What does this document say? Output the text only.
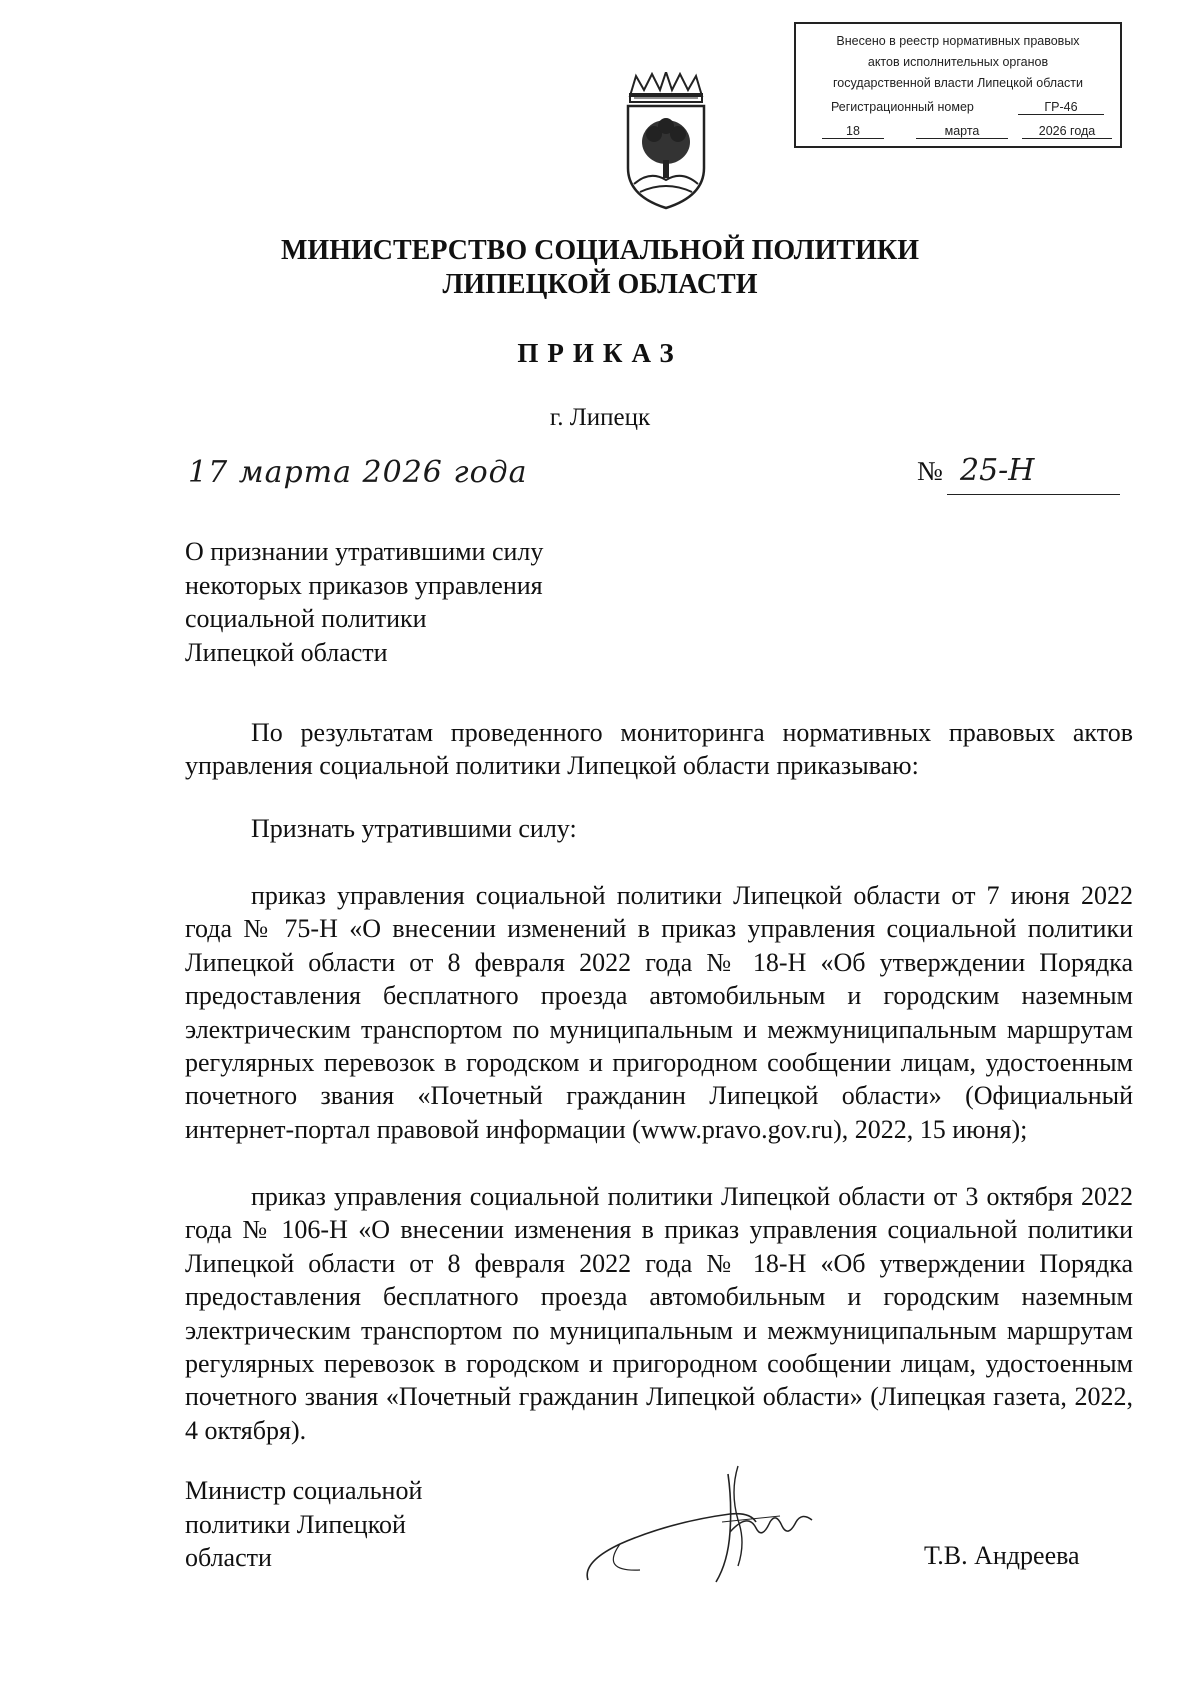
Внесено в реестр нормативных правовых
актов исполнительных органов
государственной власти Липецкой области
Регистрационный номер	ГР-46
18	марта	2026 года
МИНИСТЕРСТВО СОЦИАЛЬНОЙ ПОЛИТИКИ
ЛИПЕЦКОЙ ОБЛАСТИ
ПРИКАЗ
г. Липецк
17 марта 2026 года	№ 25-Н
О признании утратившими силу
некоторых приказов управления
социальной политики
Липецкой области
По результатам проведенного мониторинга нормативных правовых актов управления социальной политики Липецкой области приказываю:
Признать утратившими силу:
приказ управления социальной политики Липецкой области от 7 июня 2022 года № 75-Н «О внесении изменений в приказ управления социальной политики Липецкой области от 8 февраля 2022 года № 18-Н «Об утверждении Порядка предоставления бесплатного проезда автомобильным и городским наземным электрическим транспортом по муниципальным и межмуниципальным маршрутам регулярных перевозок в городском и пригородном сообщении лицам, удостоенным почетного звания «Почетный гражданин Липецкой области» (Официальный интернет-портал правовой информации (www.pravo.gov.ru), 2022, 15 июня);
приказ управления социальной политики Липецкой области от 3 октября 2022 года № 106-Н «О внесении изменения в приказ управления социальной политики Липецкой области от 8 февраля 2022 года № 18-Н «Об утверждении Порядка предоставления бесплатного проезда автомобильным и городским наземным электрическим транспортом по муниципальным и межмуниципальным маршрутам регулярных перевозок в городском и пригородном сообщении лицам, удостоенным почетного звания «Почетный гражданин Липецкой области» (Липецкая газета, 2022, 4 октября).
Министр социальной
политики Липецкой
области	Т.В. Андреева
